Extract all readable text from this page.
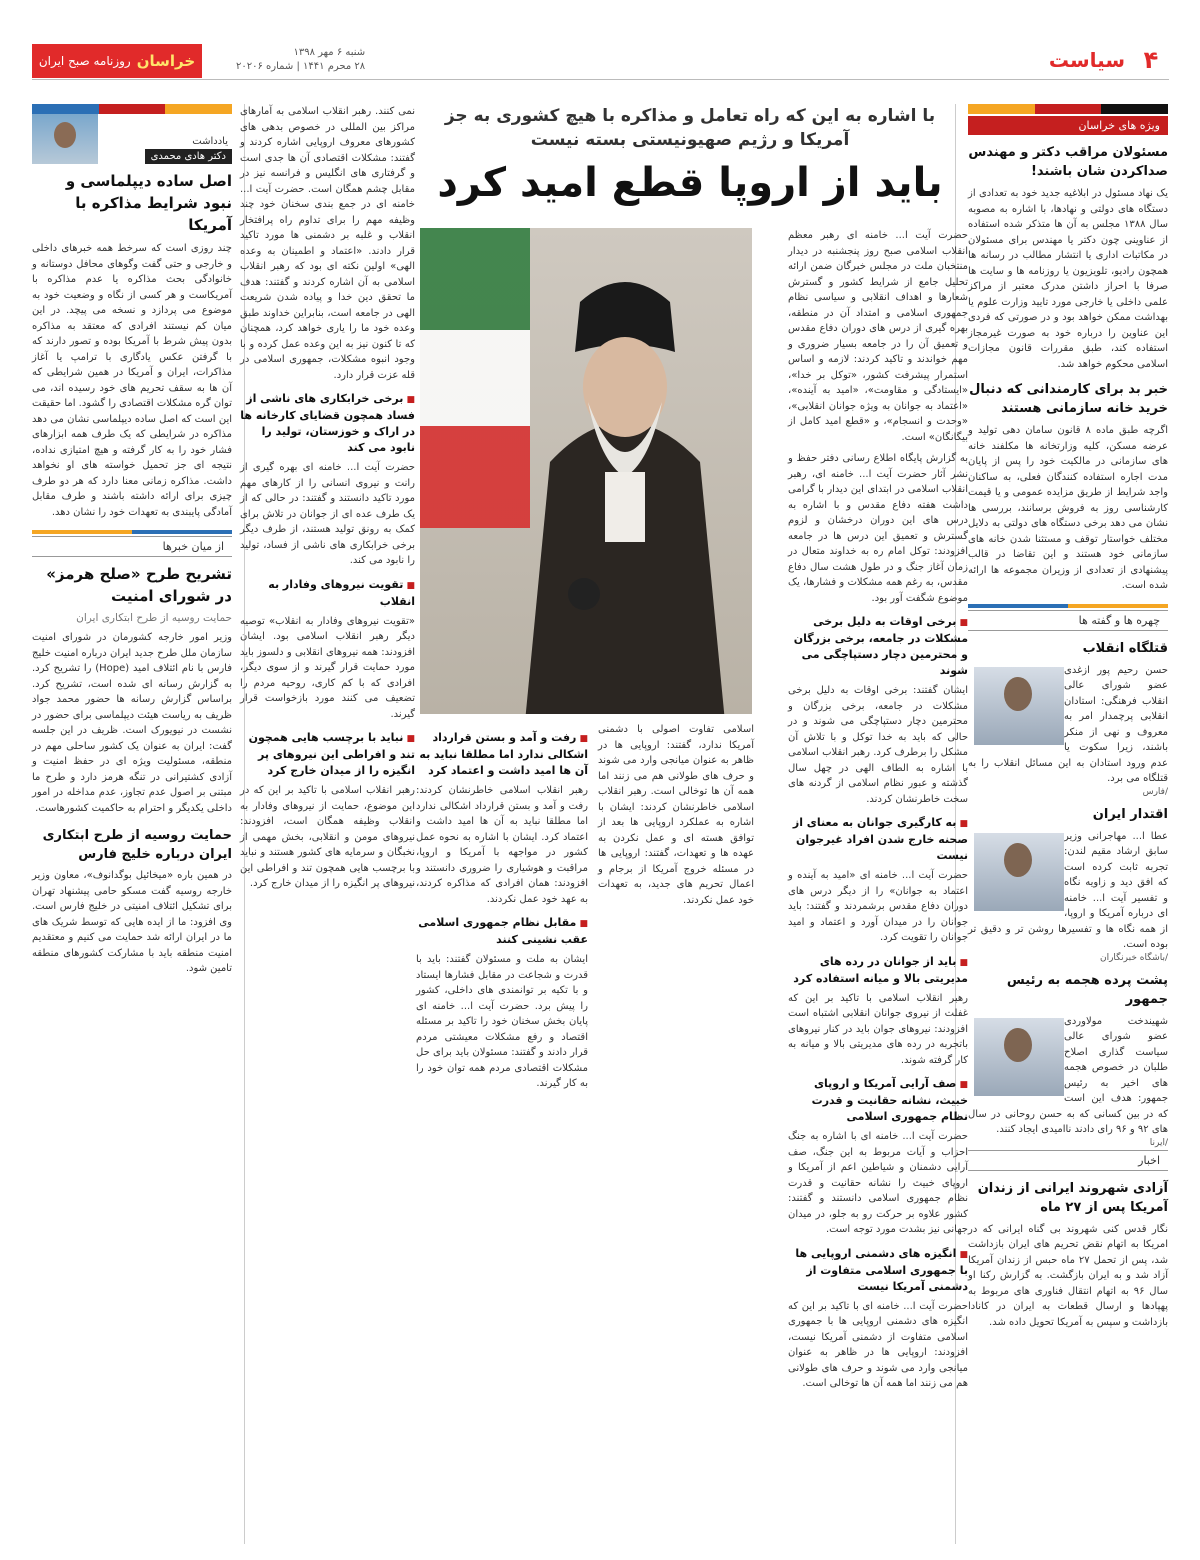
۴
سیاست
شنبه ۶ مهر ۱۳۹۸
۲۸ محرم ۱۴۴۱ | شماره ۲۰۲۰۶
خراسان
روزنامه صبح ایران
ویژه های خراسان
مسئولان مراقب دکتر و مهندس صداکردن شان باشند!

یک نهاد مسئول در ابلاغیه جدید خود به تعدادی از دستگاه های دولتی و نهادها، با اشاره به مصوبه سال ۱۳۸۸ مجلس به آن ها متذکر شده استفاده از عناوینی چون دکتر یا مهندس برای مسئولان در مکاتبات اداری یا انتشار مطالب در رسانه ها همچون رادیو، تلویزیون یا روزنامه ها و سایت ها صرفا با احراز داشتن مدرک معتبر از مراکز علمی داخلی یا خارجی مورد تایید وزارت علوم یا بهداشت ممکن خواهد بود و در صورتی که فردی این عناوین را درباره خود به صورت غیرمجاز استفاده کند، طبق مقررات قانون مجازات اسلامی محکوم خواهد شد.

خبر بد برای کارمندانی که دنبال خرید خانه سازمانی هستند

اگرچه طبق ماده ۸ قانون سامان دهی تولید و عرضه مسکن، کلیه وزارتخانه ها مکلفند خانه های سازمانی در مالکیت خود را پس از پایان مدت اجاره استفاده کنندگان فعلی، به ساکنان واجد شرایط از طریق مزایده عمومی و یا قیمت کارشناسی روز به فروش برسانند، بررسی ها نشان می دهد برخی دستگاه های دولتی به دلایل مختلف خواستار توقف و مستثنا شدن خانه های سازمانی خود هستند و این تقاضا در قالب پیشنهادی از تعدادی از وزیران مجموعه ها ارائه شده است.

چهره ها و گفته ها
قتلگاه انقلاب

حسن رحیم پور ازغدی عضو شورای عالی انقلاب فرهنگی: استادان انقلابی پرچمدار امر به معروف و نهی از منکر باشند، زیرا سکوت یا عدم ورود استادان به این مسائل انقلاب را به قتلگاه می برد.

/فارس
اقتدار ایران

عطا ا... مهاجرانی وزیر سابق ارشاد مقیم لندن: تجربه ثابت کرده است که افق دید و زاویه نگاه و تفسیر آیت ا... خامنه ای درباره آمریکا و اروپا، از همه نگاه ها و تفسیرها روشن تر و دقیق تر بوده است.

/باشگاه خبرنگاران
پشت پرده هجمه به رئیس جمهور

شهیندخت مولاوردی عضو شورای عالی سیاست گذاری اصلاح طلبان در خصوص هجمه های اخیر به رئیس جمهور: هدف این است که در بین کسانی که به حسن روحانی در سال های ۹۲ و ۹۶ رای دادند ناامیدی ایجاد کنند.

/ایرنا
اخبار
آزادی شهروند ایرانی از زندان آمریکا پس از ۲۷ ماه

نگار قدس کنی شهروند بی گناه ایرانی که در امریکا به اتهام نقض تحریم های ایران بازداشت شد، پس از تحمل ۲۷ ماه حبس از زندان آمریکا آزاد شد و به ایران بازگشت. به گزارش رکنا او سال ۹۶ به اتهام انتقال فناوری های مربوط به پهپادها و ارسال قطعات به ایران در کانادا بازداشت و سپس به آمریکا تحویل داده شد.

با اشاره به این که راه تعامل و مذاکره با هیچ کشوری به جز آمریکا و رژیم صهیونیستی بسته نیست
باید از اروپا قطع امید کرد

حضرت آیت ا... خامنه ای رهبر معظم انقلاب اسلامی صبح روز پنجشنبه در دیدار منتخبان ملت در مجلس خبرگان ضمن ارائه تحلیل جامع از شرایط کشور و گسترش شعارها و اهداف انقلابی و سیاسی نظام جمهوری اسلامی و امتداد آن در منطقه، بهره گیری از درس های دوران دفاع مقدس و تعمیق آن را در جامعه بسیار ضروری و مهم خواندند و تاکید کردند: لازمه و اساس استمرار پیشرفت کشور، «توکل بر خدا»، «ایستادگی و مقاومت»، «امید به آینده»، «اعتماد به جوانان به ویژه جوانان انقلابی»، «وحدت و انسجام»، و «قطع امید کامل از بیگانگان» است.

به گزارش پایگاه اطلاع رسانی دفتر حفظ و نشر آثار حضرت آیت ا... خامنه ای، رهبر انقلاب اسلامی در ابتدای این دیدار با گرامی داشت هفته دفاع مقدس و با اشاره به درس های این دوران درخشان و لزوم گسترش و تعمیق این درس ها در جامعه افزودند: توکل امام ره به خداوند متعال در زمان آغاز جنگ و در طول هشت سال دفاع مقدس، به رغم همه مشکلات و فشارها، یک موضوع شگفت آور بود.

■ برخی اوقات به دلیل برخی مشکلات در جامعه، برخی بزرگان و محترمین دچار دستپاچگی می شوند

ایشان گفتند: برخی اوقات به دلیل برخی مشکلات در جامعه، برخی بزرگان و محترمین دچار دستپاچگی می شوند و در حالی که باید به خدا توکل و با تلاش آن مشکل را برطرف کرد. رهبر انقلاب اسلامی با اشاره به الطاف الهی در چهل سال گذشته و عبور نظام اسلامی از گردنه های سخت خاطرنشان کردند.

■ به کارگیری جوانان به معنای از صحنه خارج شدن افراد غیرجوان نیست

حضرت آیت ا... خامنه ای «امید به آینده و اعتماد به جوانان» را از دیگر درس های دوران دفاع مقدس برشمردند و گفتند: باید جوانان را در میدان آورد و اعتماد و امید جوانان را تقویت کرد.

■ باید از جوانان در رده های مدیریتی بالا و میانه استفاده کرد

رهبر انقلاب اسلامی با تاکید بر این که غفلت از نیروی جوانان انقلابی اشتباه است افزودند: نیروهای جوان باید در کنار نیروهای باتجربه در رده های مدیریتی بالا و میانه به کار گرفته شوند.

■ صف آرایی آمریکا و اروپای خبیث، نشانه حقانیت و قدرت نظام جمهوری اسلامی

حضرت آیت ا... خامنه ای با اشاره به جنگ احزاب و آیات مربوط به این جنگ، صف آرایی دشمنان و شیاطین اعم از آمریکا و اروپای خبیث را نشانه حقانیت و قدرت نظام جمهوری اسلامی دانستند و گفتند: کشور علاوه بر حرکت رو به جلو، در میدان جهانی نیز بشدت مورد توجه است.

■ انگیزه های دشمنی اروپایی ها با جمهوری اسلامی متفاوت از دشمنی آمریکا نیست

حضرت آیت ا... خامنه ای با تاکید بر این که انگیزه های دشمنی اروپایی ها با جمهوری اسلامی متفاوت از دشمنی آمریکا نیست، افزودند: اروپایی ها در ظاهر به عنوان میانجی وارد می شوند و حرف های طولانی هم می زنند اما همه آن ها توخالی است.

اسلامی تفاوت اصولی با دشمنی آمریکا ندارد، گفتند: اروپایی ها در ظاهر به عنوان میانجی وارد می شوند و حرف های طولانی هم می زنند اما همه آن ها توخالی است. رهبر انقلاب اسلامی خاطرنشان کردند: ایشان با اشاره به عملکرد اروپایی ها بعد از توافق هسته ای و عمل نکردن به عهده ها و تعهدات، گفتند: اروپایی ها در مسئله خروج آمریکا از برجام و اعمال تحریم های جدید، به تعهدات خود عمل نکردند.

■ رفت و آمد و بستن قرارداد اشکالی ندارد اما مطلقا نباید به آن ها امید داشت و اعتماد کرد

رهبر انقلاب اسلامی خاطرنشان کردند: رفت و آمد و بستن قرارداد اشکالی ندارد اما مطلقا نباید به آن ها امید داشت و اعتماد کرد. ایشان با اشاره به نحوه عمل کشور در مواجهه با آمریکا و اروپا، مراقبت و هوشیاری را ضروری دانستند و افزودند: همان افرادی که مذاکره کردند، به عهد خود عمل نکردند.

■ مقابل نظام جمهوری اسلامی عقب نشینی کنند

ایشان به ملت و مسئولان گفتند: باید با قدرت و شجاعت در مقابل فشارها ایستاد و با تکیه بر توانمندی های داخلی، کشور را پیش برد. حضرت آیت ا... خامنه ای پایان بخش سخنان خود را تاکید بر مسئله اقتصاد و رفع مشکلات معیشتی مردم قرار دادند و گفتند: مسئولان باید برای حل مشکلات اقتصادی مردم همه توان خود را به کار گیرند.

نمی کنند. رهبر انقلاب اسلامی به آمارهای مراکز بین المللی در خصوص بدهی های کشورهای معروف اروپایی اشاره کردند و گفتند: مشکلات اقتصادی آن ها جدی است و گرفتاری های انگلیس و فرانسه نیز در مقابل چشم همگان است. حضرت آیت ا... خامنه ای در جمع بندی سخنان خود چند وظیفه مهم را برای تداوم راه پرافتخار انقلاب و غلبه بر دشمنی ها مورد تاکید قرار دادند. «اعتماد و اطمینان به وعده الهی» اولین نکته ای بود که رهبر انقلاب اسلامی به آن اشاره کردند و گفتند: هدف ما تحقق دین خدا و پیاده شدن شریعت الهی در جامعه است، بنابراین خداوند طبق وعده خود ما را یاری خواهد کرد، همچنان که تا کنون نیز به این وعده عمل کرده و با وجود انبوه مشکلات، جمهوری اسلامی در قله عزت قرار دارد.

■ برخی خرابکاری های ناشی از فساد همچون قضایای کارخانه ها در اراک و خوزستان، تولید را نابود می کند

حضرت آیت ا... خامنه ای بهره گیری از رانت و نیروی انسانی را از کارهای مهم مورد تاکید دانستند و گفتند: در حالی که از یک طرف عده ای از جوانان در تلاش برای کمک به رونق تولید هستند، از طرف دیگر برخی خرابکاری های ناشی از فساد، تولید را نابود می کند.

■ تقویت نیروهای وفادار به انقلاب

«تقویت نیروهای وفادار به انقلاب» توصیه دیگر رهبر انقلاب اسلامی بود. ایشان افزودند: همه نیروهای انقلابی و دلسوز باید مورد حمایت قرار گیرند و از سوی دیگر، افرادی که با کم کاری، روحیه مردم را تضعیف می کنند مورد بازخواست قرار گیرند.

■ نباید با برچسب هایی همچون تند و افراطی این نیروهای پر انگیزه را از میدان خارج کرد

رهبر انقلاب اسلامی با تاکید بر این که در این موضوع، حمایت از نیروهای وفادار به انقلاب وظیفه همگان است، افزودند: نیروهای مومن و انقلابی، بخش مهمی از نخبگان و سرمایه های کشور هستند و نباید با برچسب هایی همچون تند و افراطی این نیروهای پر انگیزه را از میدان خارج کرد.

یادداشت
دکتر هادی محمدی
اصل ساده دیپلماسی و نبود شرایط مذاکره با آمریکا

چند روزی است که سرخط همه خبرهای داخلی و خارجی و حتی گفت وگوهای محافل دوستانه و خانوادگی بحث مذاکره یا عدم مذاکره با آمریکاست و هر کسی از نگاه و وضعیت خود به موضوع می پردازد و نسخه می پیچد. در این میان کم نیستند افرادی که معتقد به مذاکره بدون پیش شرط با آمریکا بوده و تصور دارند که با گرفتن عکس یادگاری با ترامپ یا آغاز مذاکرات، ایران و آمریکا در همین شرایطی که آن ها به سقف تحریم های خود رسیده اند، می توان گره مشکلات اقتصادی را گشود. اما حقیقت این است که اصل ساده دیپلماسی نشان می دهد مذاکره در شرایطی که یک طرف همه ابزارهای فشار خود را به کار گرفته و هیچ امتیازی نداده، نتیجه ای جز تحمیل خواسته های او نخواهد داشت. مذاکره زمانی معنا دارد که هر دو طرف چیزی برای ارائه داشته باشند و طرف مقابل آمادگی پایبندی به تعهدات خود را نشان دهد.

از میان خبرها
تشریح طرح «صلح هرمز» در شورای امنیت
حمایت روسیه از طرح ابتکاری ایران

وزیر امور خارجه کشورمان در شورای امنیت سازمان ملل طرح جدید ایران درباره امنیت خلیج فارس با نام ائتلاف امید (Hope) را تشریح کرد. به گزارش رسانه ای شده است، تشریح کرد. براساس گزارش رسانه ها حضور محمد جواد ظریف به ریاست هیئت دیپلماسی برای حضور در نشست در نیویورک است. ظریف در این جلسه گفت: ایران به عنوان یک کشور ساحلی مهم در منطقه، مسئولیت ویژه ای در حفظ امنیت و آزادی کشتیرانی در تنگه هرمز دارد و طرح ما مبتنی بر اصول عدم تجاوز، عدم مداخله در امور داخلی یکدیگر و احترام به حاکمیت کشورهاست.

حمایت روسیه از طرح ابتکاری ایران درباره خلیج فارس

در همین باره «میخائیل بوگدانوف»، معاون وزیر خارجه روسیه گفت مسکو حامی پیشنهاد تهران برای تشکیل ائتلاف امنیتی در خلیج فارس است. وی افزود: ما از ایده هایی که توسط شریک های ما در ایران ارائه شد حمایت می کنیم و معتقدیم امنیت منطقه باید با مشارکت کشورهای منطقه تامین شود.
